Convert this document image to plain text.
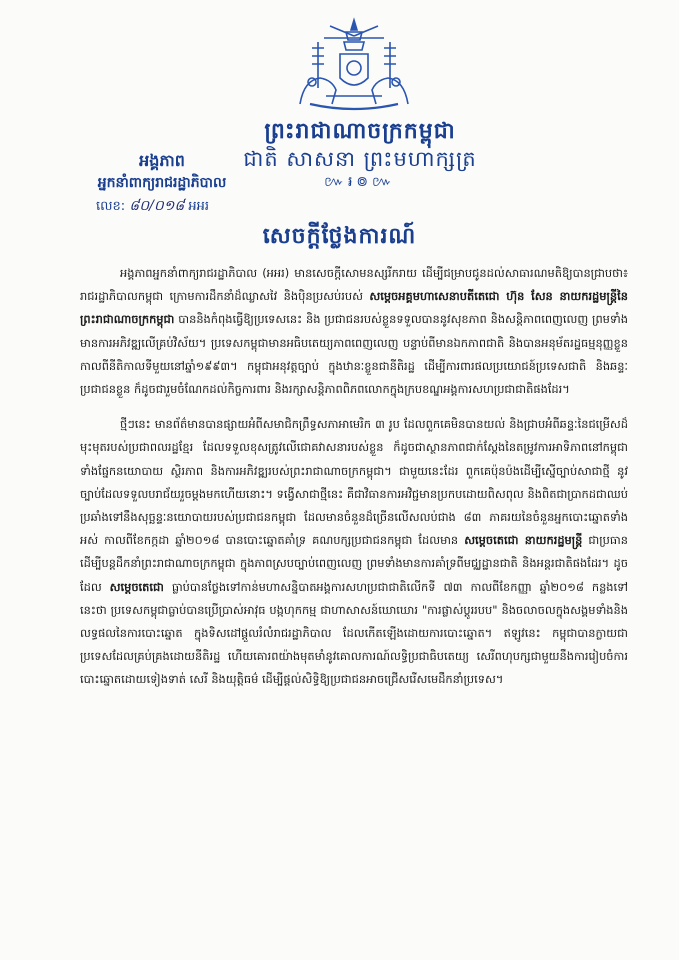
ព្រះរាជាណាចក្រកម្ពុជា
ជាតិ សាសនា ព្រះមហាក្សត្រ
៚៛៙៚
អង្គភាព
អ្នកនាំពាក្យរាជរដ្ឋាភិបាល
លេខ: ៨០/០១៨ អអរ
សេចក្តីថ្លែងការណ៍

អង្គភាពអ្នកនាំពាក្យរាជរដ្ឋាភិបាល (អអរ) មានសេចក្តីសោមនស្សរីករាយ ដើម្បីជម្រាបជូនដល់សាធារណមតិឱ្យបានជ្រាបថា៖ រាជរដ្ឋាភិបាលកម្ពុជា ក្រោមការដឹកនាំដ៏ឈ្លាសវៃ និងប៉ិនប្រសប់របស់ សម្តេចអគ្គមហាសេនាបតីតេជោ ហ៊ុន សែន នាយករដ្ឋមន្ត្រីនៃព្រះរាជាណាចក្រកម្ពុជា បាននិងកំពុងធ្វើឱ្យប្រទេសនេះ និង ប្រជាជនរបស់ខ្លួនទទួលបាននូវសុខភាព និងសន្តិភាពពេញលេញ ព្រមទាំងមានការអភិវឌ្ឍលើគ្រប់វិស័យ។ ប្រទេសកម្ពុជាមានអធិបតេយ្យភាពពេញលេញ បន្ទាប់ពីមានឯកភាពជាតិ និងបានអនុម័តរដ្ឋធម្មនុញ្ញខ្លួន កាលពីនីតិកាលទីមួយនៅឆ្នាំ១៩៩៣។ កម្ពុជាអនុវត្តច្បាប់ ក្នុងឋានៈខ្លួនជានីតិរដ្ឋ ដើម្បីការពារផលប្រយោជន៍ប្រទេសជាតិ និងឆន្ទៈប្រជាជនខ្លួន ក៏ដូចជារួមចំណែកដល់កិច្ចការពារ និងរក្សាសន្តិភាពពិភពលោកក្នុងក្របខណ្ឌអង្គការសហប្រជាជាតិផងដែរ។

ថ្មីៗនេះ មានព័ត៌មានបានផ្សាយអំពីសមាជិកព្រឹទ្ធសភាអាមេរិក ៣ រូប ដែលពួកគេមិនបានយល់ និងជ្រាបអំពីឆន្ទៈនៃជម្រើសដ៏មុះមុតរបស់ប្រជាពលរដ្ឋខ្មែរ ដែលទទួលខុសត្រូវលើជោគវាសនារបស់ខ្លួន ក៏ដូចជាស្ថានភាពជាក់ស្តែងនៃតម្រូវការអាទិភាពនៅកម្ពុជា ទាំងផ្នែកនយោបាយ ស្ថិរភាព និងការអភិវឌ្ឍរបស់ព្រះរាជាណាចក្រកម្ពុជា។ ជាមួយនេះដែរ ពួកគេប៉ុនប៉ងដើម្បីស្នើច្បាប់សាជាថ្មី នូវច្បាប់ដែលទទួលបរាជ័យរួចម្តងមកហើយនោះ។ ទង្វើសាជាថ្មីនេះ គឺជាវិធានការអវិជ្ជមានប្រកបដោយពិសពុល និងពិតជាប្រាកដជាឈប់ប្រឆាំងទៅនឹងសុច្ឆន្ទៈនយោបាយរបស់ប្រជាជនកម្ពុជា ដែលមានចំនួនដ៏ច្រើនលើសលប់ជាង ៨៣ ភាគរយនៃចំនួនអ្នកបោះឆ្នោតទាំងអស់ កាលពីខែកក្កដា ឆ្នាំ២០១៨ បានបោះឆ្នោតគាំទ្រ គណបក្សប្រជាជនកម្ពុជា ដែលមាន សម្តេចតេជោ នាយករដ្ឋមន្ត្រី ជាប្រធាន ដើម្បីបន្តដឹកនាំព្រះរាជាណាចក្រកម្ពុជា ក្នុងភាពស្របច្បាប់ពេញលេញ ព្រមទាំងមានការគាំទ្រពីមជ្ឈដ្ឋានជាតិ និងអន្តរជាតិផងដែរ។ ដូចដែល សម្តេចតេជោ ធ្លាប់បានថ្លែងទៅកាន់មហាសន្និបាតអង្គការសហប្រជាជាតិលើកទី ៧៣ កាលពីខែកញ្ញា ឆ្នាំ២០១៨ កន្លងទៅនេះថា ប្រទេសកម្ពុជាធ្លាប់បានប្រើប្រាស់អាវុធ បង្កហុកកម្ម ជាហាសាសន៍ឃោឃោរ "ការផ្លាស់ប្តូររបប" និងចលាចលក្នុងសង្គមទាំងនិងលទ្ធផលនៃការបោះឆ្នោត ក្នុងទិសដៅផ្តួលរំលំរាជរដ្ឋាភិបាល ដែលកើតឡើងដោយការបោះឆ្នោត។ ឥឡូវនេះ កម្ពុជាបានក្លាយជាប្រទេសដែលគ្រប់គ្រងដោយនីតិរដ្ឋ ហើយគោរពយ៉ាងមុតមាំនូវគោលការណ៍លទ្ធិប្រជាធិបតេយ្យ សេរីពហុបក្សជាមួយនឹងការរៀបចំការបោះឆ្នោតដោយទៀងទាត់ សេរី និងយុត្តិធម៌ ដើម្បីផ្តល់សិទ្ធិឱ្យប្រជាជនអាចជ្រើសរើសមេដឹកនាំប្រទេស។
